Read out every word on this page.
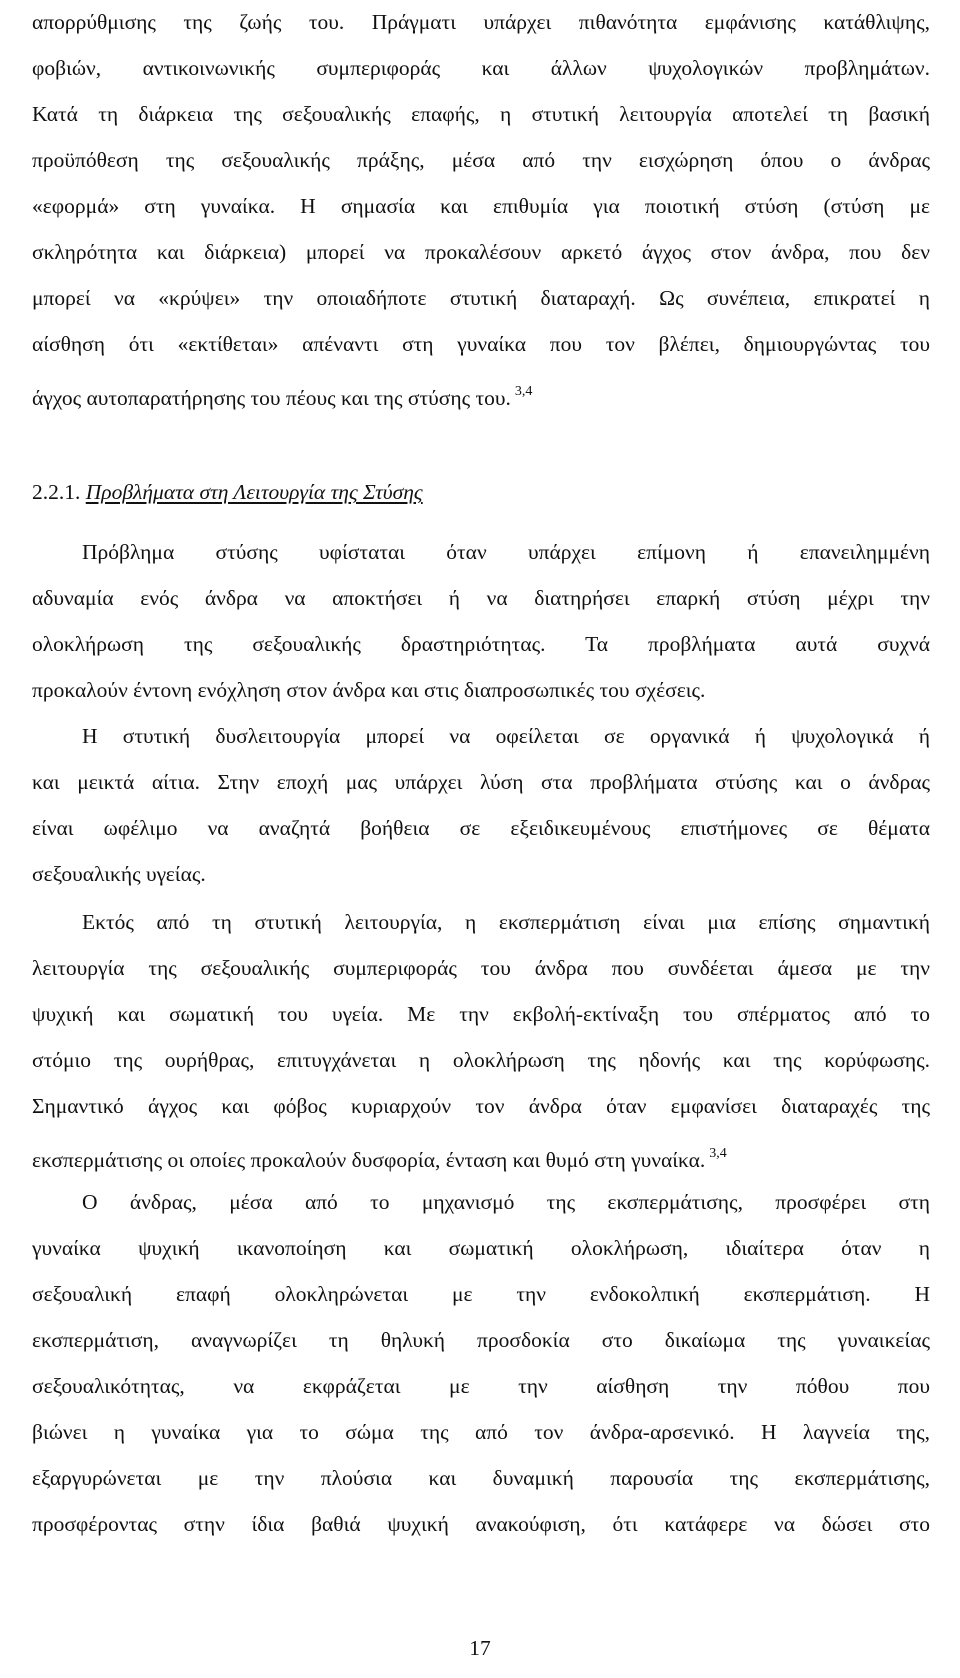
απορρύθμισης της ζωής του. Πράγματι υπάρχει πιθανότητα εμφάνισης κατάθλιψης,
φοβιών, αντικοινωνικής συμπεριφοράς και άλλων ψυχολογικών προβλημάτων.
Κατά τη διάρκεια της σεξουαλικής επαφής, η στυτική λειτουργία αποτελεί τη βασική
προϋπόθεση της σεξουαλικής πράξης, μέσα από την εισχώρηση όπου ο άνδρας
«εφορμά» στη γυναίκα. Η σημασία και επιθυμία για ποιοτική στύση (στύση με
σκληρότητα και διάρκεια) μπορεί να προκαλέσουν αρκετό άγχος στον άνδρα, που δεν
μπορεί να «κρύψει» την οποιαδήποτε στυτική διαταραχή. Ως συνέπεια, επικρατεί η
αίσθηση ότι «εκτίθεται» απέναντι στη γυναίκα που τον βλέπει, δημιουργώντας του
άγχος αυτοπαρατήρησης του πέους και της στύσης του. $^{3,4}$
2.2.1. Προβλήματα στη Λειτουργία της Στύσης
Πρόβλημα στύσης υφίσταται όταν υπάρχει επίμονη ή επανειλημμένη
αδυναμία ενός άνδρα να αποκτήσει ή να διατηρήσει επαρκή στύση μέχρι την
ολοκλήρωση της σεξουαλικής δραστηριότητας. Τα προβλήματα αυτά συχνά
προκαλούν έντονη ενόχληση στον άνδρα και στις διαπροσωπικές του σχέσεις.
Η στυτική δυσλειτουργία μπορεί να οφείλεται σε οργανικά ή ψυχολογικά ή
και μεικτά αίτια. Στην εποχή μας υπάρχει λύση στα προβλήματα στύσης και ο άνδρας
είναι ωφέλιμο να αναζητά βοήθεια σε εξειδικευμένους επιστήμονες σε θέματα
σεξουαλικής υγείας.
Εκτός από τη στυτική λειτουργία, η εκσπερμάτιση είναι μια επίσης σημαντική
λειτουργία της σεξουαλικής συμπεριφοράς του άνδρα που συνδέεται άμεσα με την
ψυχική και σωματική του υγεία. Με την εκβολή-εκτίναξη του σπέρματος από το
στόμιο της ουρήθρας, επιτυγχάνεται η ολοκλήρωση της ηδονής και της κορύφωσης.
Σημαντικό άγχος και φόβος κυριαρχούν τον άνδρα όταν εμφανίσει διαταραχές της
εκσπερμάτισης οι οποίες προκαλούν δυσφορία, ένταση και θυμό στη γυναίκα. $^{3,4}$
Ο άνδρας, μέσα από το μηχανισμό της εκσπερμάτισης, προσφέρει στη
γυναίκα ψυχική ικανοποίηση και σωματική ολοκλήρωση, ιδιαίτερα όταν η
σεξουαλική επαφή ολοκληρώνεται με την ενδοκολπική εκσπερμάτιση. Η
εκσπερμάτιση, αναγνωρίζει τη θηλυκή προσδοκία στο δικαίωμα της γυναικείας
σεξουαλικότητας, να εκφράζεται με την αίσθηση την πόθου που
βιώνει η γυναίκα για το σώμα της από τον άνδρα-αρσενικό. Η λαγνεία της,
εξαργυρώνεται με την πλούσια και δυναμική παρουσία της εκσπερμάτισης,
προσφέροντας στην ίδια βαθιά ψυχική ανακούφιση, ότι κατάφερε να δώσει στο
17
